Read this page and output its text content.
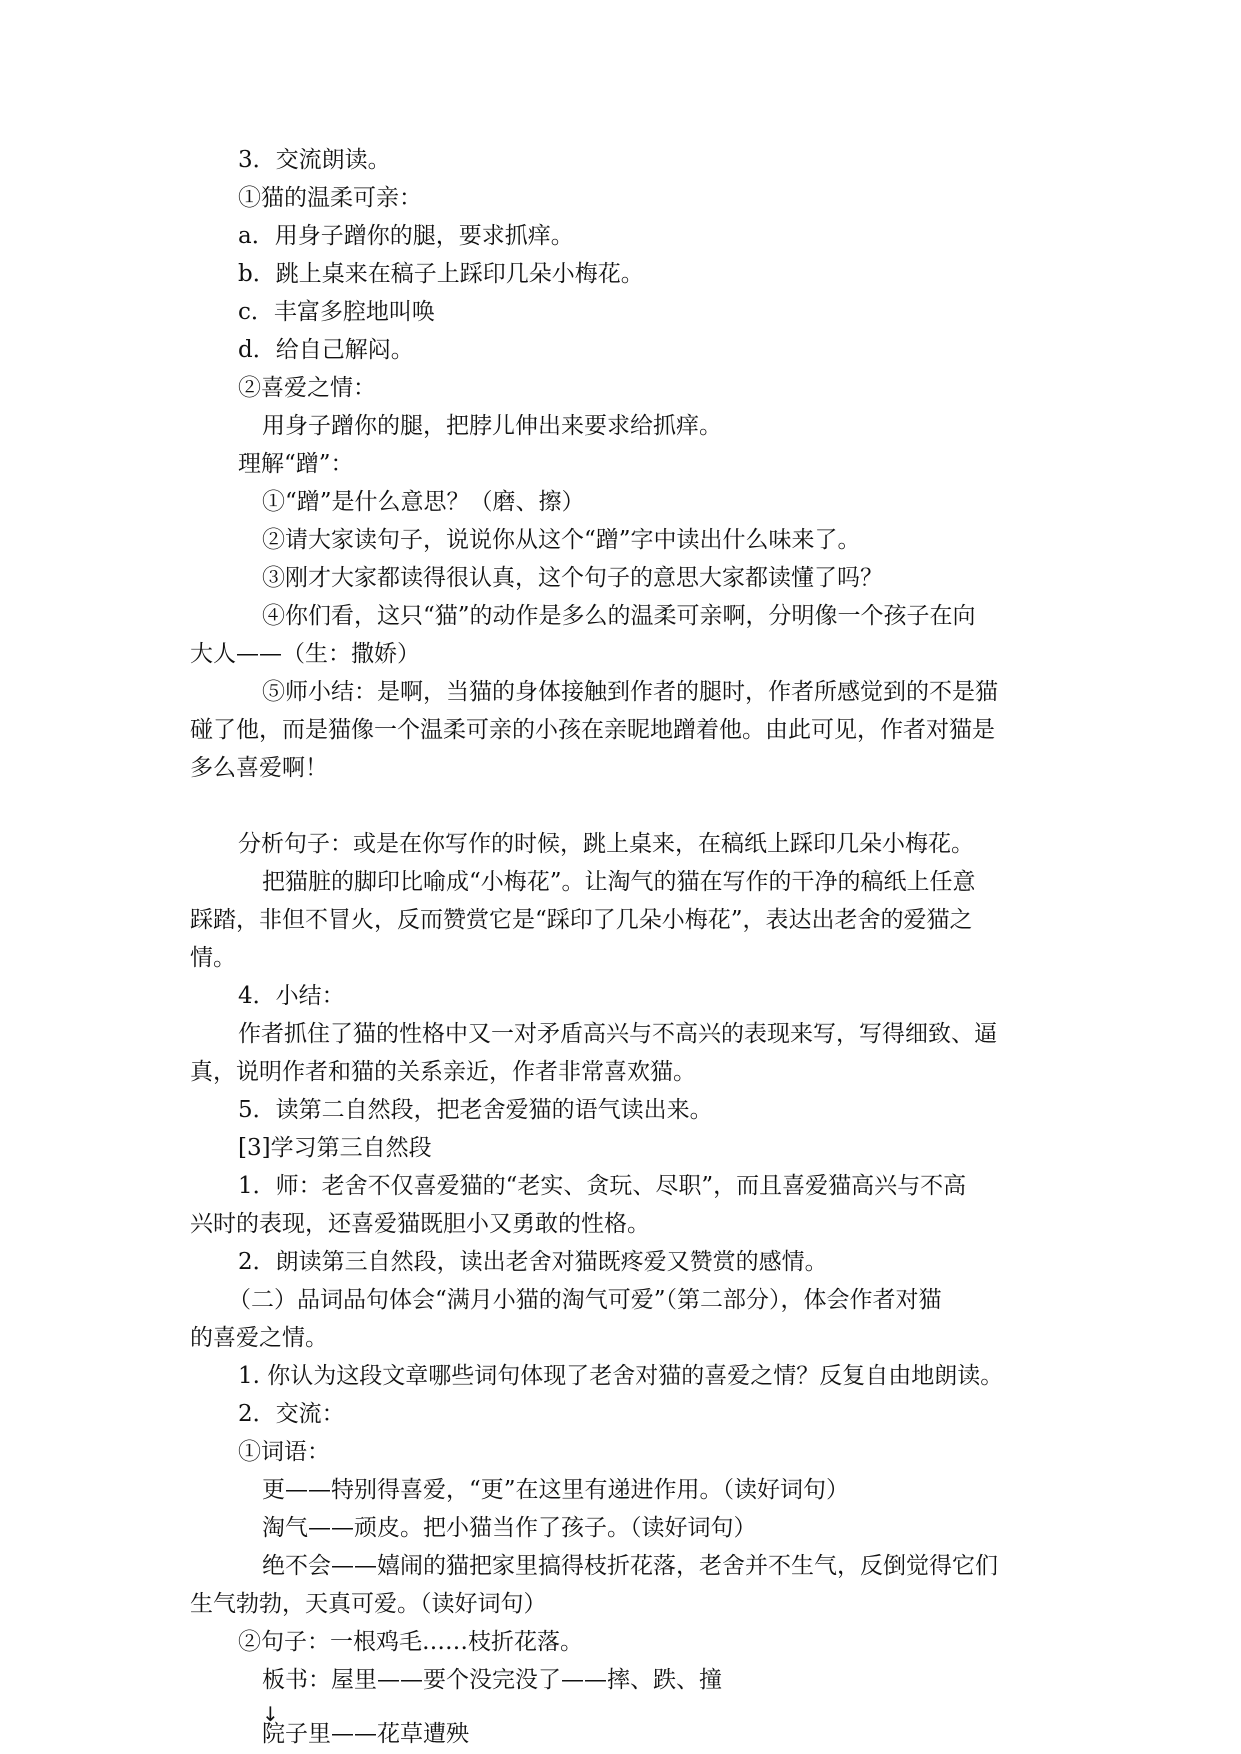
3．交流朗读。
①猫的温柔可亲：
a．用身子蹭你的腿，要求抓痒。
b．跳上桌来在稿子上踩印几朵小梅花。
c．丰富多腔地叫唤
d．给自己解闷。
②喜爱之情：
用身子蹭你的腿，把脖儿伸出来要求给抓痒。
理解“蹭”：
①“蹭”是什么意思？（磨、擦）
②请大家读句子，说说你从这个“蹭”字中读出什么味来了。
③刚才大家都读得很认真，这个句子的意思大家都读懂了吗？
④你们看，这只“猫”的动作是多么的温柔可亲啊，分明像一个孩子在向
大人——（生：撒娇）
⑤师小结：是啊，当猫的身体接触到作者的腿时，作者所感觉到的不是猫
碰了他，而是猫像一个温柔可亲的小孩在亲昵地蹭着他。由此可见，作者对猫是
多么喜爱啊！
分析句子：或是在你写作的时候，跳上桌来，在稿纸上踩印几朵小梅花。
把猫脏的脚印比喻成“小梅花”。让淘气的猫在写作的干净的稿纸上任意
踩踏，非但不冒火，反而赞赏它是“踩印了几朵小梅花”，表达出老舍的爱猫之
情。
4．小结：
作者抓住了猫的性格中又一对矛盾高兴与不高兴的表现来写，写得细致、逼
真，说明作者和猫的关系亲近，作者非常喜欢猫。
5．读第二自然段，把老舍爱猫的语气读出来。
[3]学习第三自然段
1．师：老舍不仅喜爱猫的“老实、贪玩、尽职”，而且喜爱猫高兴与不高
兴时的表现，还喜爱猫既胆小又勇敢的性格。
2．朗读第三自然段，读出老舍对猫既疼爱又赞赏的感情。
（二）品词品句体会“满月小猫的淘气可爱”（第二部分），体会作者对猫
的喜爱之情。
1. 你认为这段文章哪些词句体现了老舍对猫的喜爱之情？反复自由地朗读。
2．交流：
①词语：
更——特别得喜爱，“更”在这里有递进作用。（读好词句）
淘气——顽皮。把小猫当作了孩子。（读好词句）
绝不会——嬉闹的猫把家里搞得枝折花落，老舍并不生气，反倒觉得它们
生气勃勃，天真可爱。（读好词句）
②句子：一根鸡毛……枝折花落。
板书：屋里——要个没完没了——摔、跌、撞
↓
院子里——花草遭殃
